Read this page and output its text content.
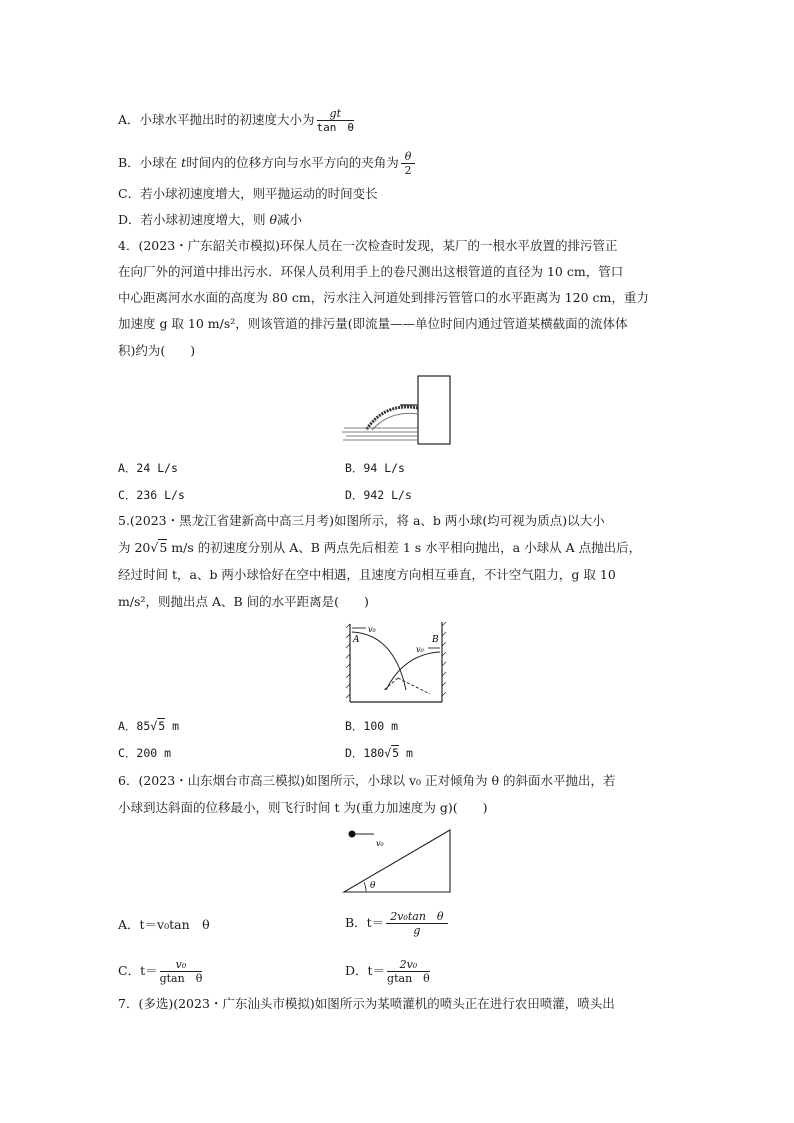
A．小球水平抛出时的初速度大小为 $\frac{gt}{\text{tan　θ}}$
B．小球在 t时间内的位移方向与水平方向的夹角为 $\frac{\theta}{2}$
C．若小球初速度增大，则平抛运动的时间变长
D．若小球初速度增大，则 θ减小
4．(2023・广东韶关市模拟)环保人员在一次检查时发现，某厂的一根水平放置的排污管正
在向厂外的河道中排出污水．环保人员利用手上的卷尺测出这根管道的直径为 10 cm，管口
中心距离河水水面的高度为 80 cm，污水注入河道处到排污管管口的水平距离为 120 cm，重力
加速度 g 取 10 m/s²，则该管道的排污量(即流量——单位时间内通过管道某横截面的流体体
积)约为(　　)
A．24 L/s	B．94 L/s
C．236 L/s	D．942 L/s
5.(2023・黑龙江省建新高中高三月考)如图所示，将 a、b 两小球(均可视为质点)以大小
为 20√5 m/s 的初速度分别从 A、B 两点先后相差 1 s 水平相向抛出，a 小球从 A 点抛出后，
经过时间 t，a、b 两小球恰好在空中相遇，且速度方向相互垂直，不计空气阻力，g 取 10
m/s²，则抛出点 A、B 间的水平距离是(　　)
v₀
v₀
A	B
A．85√5 m	B．100 m
C．200 m	D．180√5 m
6．(2023・山东烟台市高三模拟)如图所示，小球以 v₀ 正对倾角为 θ 的斜面水平抛出，若
小球到达斜面的位移最小，则飞行时间 t 为(重力加速度为 g)(　　)
v₀
θ
A．t＝v₀tan　θ	B．$t= \frac{\text{2v₀tan　θ}}{g}$
C．$t= \frac{\text{v₀}}{\text{gtan　θ}}$	D．$t= \frac{\text{2v₀}}{\text{gtan　θ}}$
7．(多选)(2023・广东汕头市模拟)如图所示为某喷灌机的喷头正在进行农田喷灌，喷头出
